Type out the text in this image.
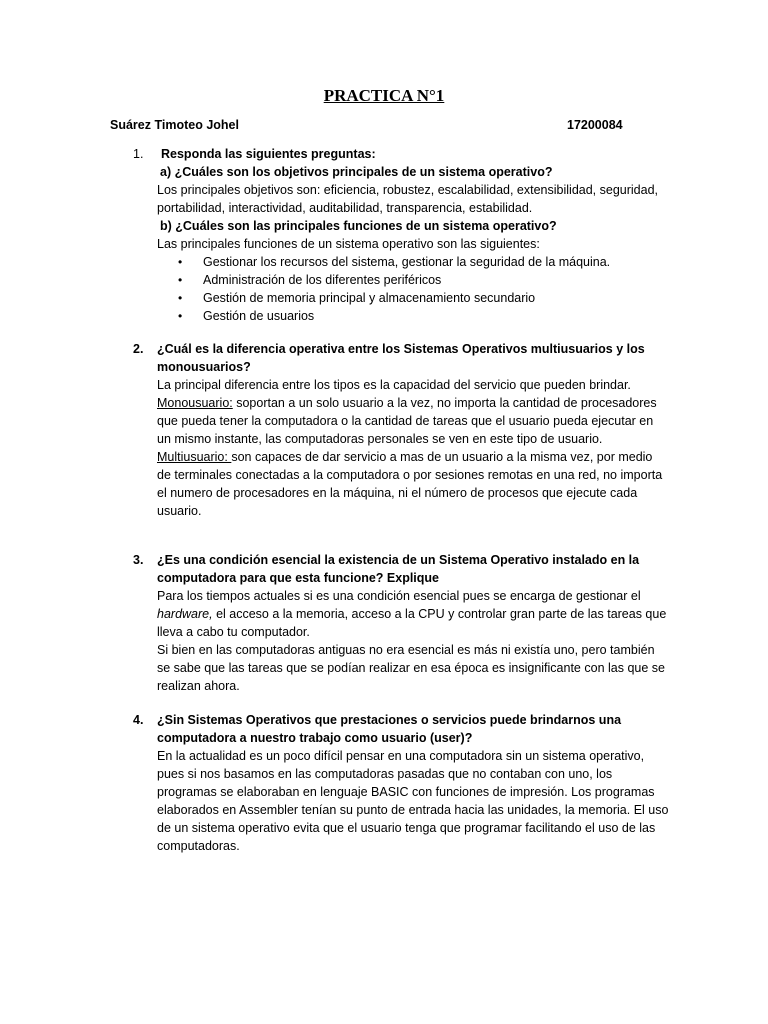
PRACTICA N°1
Suárez Timoteo Johel	17200084
1.	Responda las siguientes preguntas:

a) ¿Cuáles son los objetivos principales de un sistema operativo?

Los principales objetivos son: eficiencia, robustez, escalabilidad, extensibilidad, seguridad, portabilidad, interactividad, auditabilidad, transparencia, estabilidad.

b) ¿Cuáles son las principales funciones de un sistema operativo?

Las principales funciones de un sistema operativo son las siguientes:

• Gestionar los recursos del sistema, gestionar la seguridad de la máquina.
• Administración de los diferentes periféricos
• Gestión de memoria principal y almacenamiento secundario
• Gestión de usuarios
2. ¿Cuál es la diferencia operativa entre los Sistemas Operativos multiusuarios y los monousuarios?

La principal diferencia entre los tipos es la capacidad del servicio que pueden brindar.

Monousuario: soportan a un solo usuario a la vez, no importa la cantidad de procesadores que pueda tener la computadora o la cantidad de tareas que el usuario pueda ejecutar en un mismo instante, las computadoras personales se ven en este tipo de usuario.

Multiusuario: son capaces de dar servicio a mas de un usuario a la misma vez, por medio de terminales conectadas a la computadora o por sesiones remotas en una red, no importa el numero de procesadores en la máquina, ni el número de procesos que ejecute cada usuario.

3. ¿Es una condición esencial la existencia de un Sistema Operativo instalado en la computadora para que esta funcione? Explique

Para los tiempos actuales si es una condición esencial pues se encarga de gestionar el hardware, el acceso a la memoria, acceso a la CPU y controlar gran parte de las tareas que lleva a cabo tu computador.

Si bien en las computadoras antiguas no era esencial es más ni existía uno, pero también se sabe que las tareas que se podían realizar en esa época es insignificante con las que se realizan ahora.

4. ¿Sin Sistemas Operativos que prestaciones o servicios puede brindarnos una computadora a nuestro trabajo como usuario (user)?

En la actualidad es un poco difícil pensar en una computadora sin un sistema operativo, pues si nos basamos en las computadoras pasadas que no contaban con uno, los programas se elaboraban en lenguaje BASIC con funciones de impresión. Los programas elaborados en Assembler tenían su punto de entrada hacia las unidades, la memoria. El uso de un sistema operativo evita que el usuario tenga que programar facilitando el uso de las computadoras.
